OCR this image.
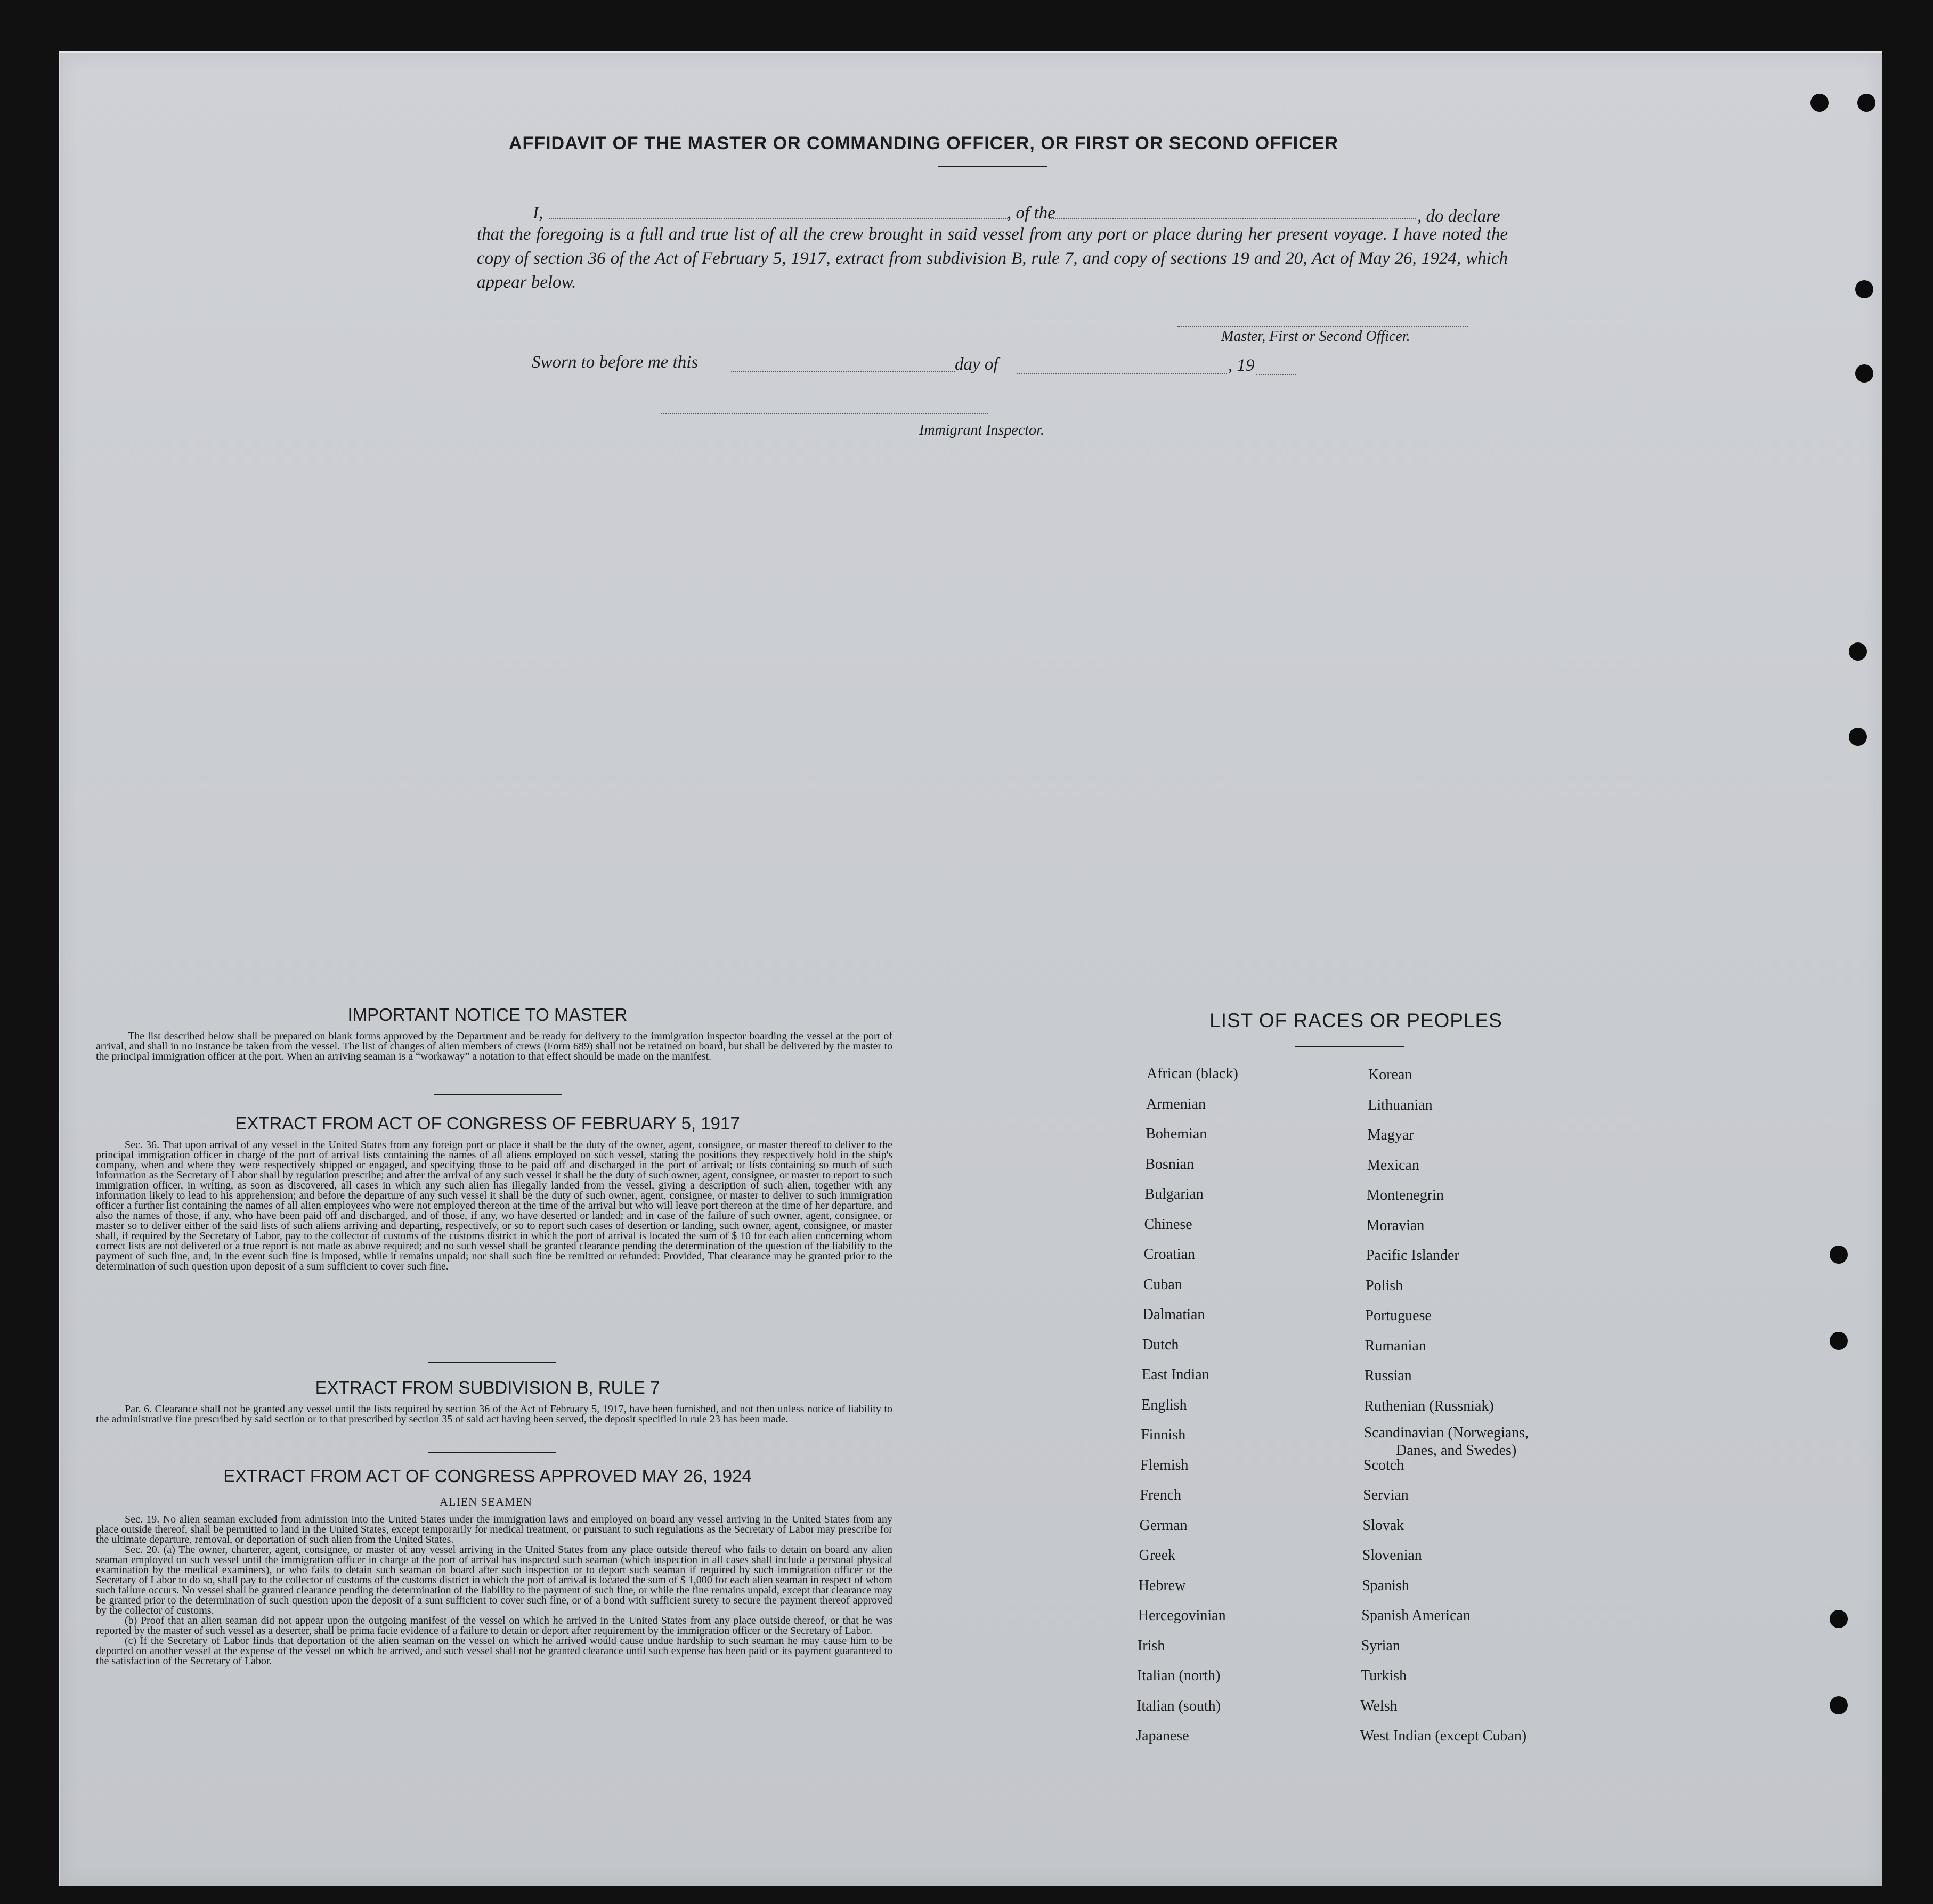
AFFIDAVIT OF THE MASTER OR COMMANDING OFFICER, OR FIRST OR SECOND OFFICER
I,	, of the	, do declare
that the foregoing is a full and true list of all the crew brought in said vessel from any port or place during her present voyage. I have noted the copy of section 36 of the Act of February 5, 1917, extract from subdivision B, rule 7, and copy of sections 19 and 20, Act of May 26, 1924, which appear below.
Master, First or Second Officer.
Sworn to before me this	day of	, 19
Immigrant Inspector.
IMPORTANT NOTICE TO MASTER
The list described below shall be prepared on blank forms approved by the Department and be ready for delivery to the immigration inspector boarding the vessel at the port of arrival, and shall in no instance be taken from the vessel. The list of changes of alien members of crews (Form 689) shall not be retained on board, but shall be delivered by the master to the principal immigration officer at the port. When an arriving seaman is a “workaway” a notation to that effect should be made on the manifest.
EXTRACT FROM ACT OF CONGRESS OF FEBRUARY 5, 1917
Sec. 36. That upon arrival of any vessel in the United States from any foreign port or place it shall be the duty of the owner, agent, consignee, or master thereof to deliver to the principal immigration officer in charge of the port of arrival lists containing the names of all aliens employed on such vessel, stating the positions they respectively hold in the ship's company, when and where they were respectively shipped or engaged, and specifying those to be paid off and discharged in the port of arrival; or lists containing so much of such information as the Secretary of Labor shall by regulation prescribe; and after the arrival of any such vessel it shall be the duty of such owner, agent, consignee, or master to report to such immigration officer, in writing, as soon as discovered, all cases in which any such alien has illegally landed from the vessel, giving a description of such alien, together with any information likely to lead to his apprehension; and before the departure of any such vessel it shall be the duty of such owner, agent, consignee, or master to deliver to such immigration officer a further list containing the names of all alien employees who were not employed thereon at the time of the arrival but who will leave port thereon at the time of her departure, and also the names of those, if any, who have been paid off and discharged, and of those, if any, wo have deserted or landed; and in case of the failure of such owner, agent, consignee, or master so to deliver either of the said lists of such aliens arriving and departing, respectively, or so to report such cases of desertion or landing, such owner, agent, consignee, or master shall, if required by the Secretary of Labor, pay to the collector of customs of the customs district in which the port of arrival is located the sum of $ 10 for each alien concerning whom correct lists are not delivered or a true report is not made as above required; and no such vessel shall be granted clearance pending the determination of the question of the liability to the payment of such fine, and, in the event such fine is imposed, while it remains unpaid; nor shall such fine be remitted or refunded: Provided, That clearance may be granted prior to the determination of such question upon deposit of a sum sufficient to cover such fine.
EXTRACT FROM SUBDIVISION B, RULE 7
Par. 6. Clearance shall not be granted any vessel until the lists required by section 36 of the Act of February 5, 1917, have been furnished, and not then unless notice of liability to the administrative fine prescribed by said section or to that prescribed by section 35 of said act having been served, the deposit specified in rule 23 has been made.
EXTRACT FROM ACT OF CONGRESS APPROVED MAY 26, 1924
ALIEN SEAMEN
Sec. 19. No alien seaman excluded from admission into the United States under the immigration laws and employed on board any vessel arriving in the United States from any place outside thereof, shall be permitted to land in the United States, except temporarily for medical treatment, or pursuant to such regulations as the Secretary of Labor may prescribe for the ultimate departure, removal, or deportation of such alien from the United States.
Sec. 20. (a) The owner, charterer, agent, consignee, or master of any vessel arriving in the United States from any place outside thereof who fails to detain on board any alien seaman employed on such vessel until the immigration officer in charge at the port of arrival has inspected such seaman (which inspection in all cases shall include a personal physical examination by the medical examiners), or who fails to detain such seaman on board after such inspection or to deport such seaman if required by such immigration officer or the Secretary of Labor to do so, shall pay to the collector of customs of the customs district in which the port of arrival is located the sum of $ 1,000 for each alien seaman in respect of whom such failure occurs. No vessel shall be granted clearance pending the determination of the liability to the payment of such fine, or while the fine remains unpaid, except that clearance may be granted prior to the determination of such question upon the deposit of a sum sufficient to cover such fine, or of a bond with sufficient surety to secure the payment thereof approved by the collector of customs.
(b) Proof that an alien seaman did not appear upon the outgoing manifest of the vessel on which he arrived in the United States from any place outside thereof, or that he was reported by the master of such vessel as a deserter, shall be prima facie evidence of a failure to detain or deport after requirement by the immigration officer or the Secretary of Labor.
(c) If the Secretary of Labor finds that deportation of the alien seaman on the vessel on which he arrived would cause undue hardship to such seaman he may cause him to be deported on another vessel at the expense of the vessel on which he arrived, and such vessel shall not be granted clearance until such expense has been paid or its payment guaranteed to the satisfaction of the Secretary of Labor.
LIST OF RACES OR PEOPLES
African (black)
Armenian
Bohemian
Bosnian
Bulgarian
Chinese
Croatian
Cuban
Dalmatian
Dutch
East Indian
English
Finnish
Flemish
French
German
Greek
Hebrew
Hercegovinian
Irish
Italian (north)
Italian (south)
Japanese
Korean
Lithuanian
Magyar
Mexican
Montenegrin
Moravian
Pacific Islander
Polish
Portuguese
Rumanian
Russian
Ruthenian (Russniak)
Scandinavian (Norwegians,
Scotch
Servian
Slovak
Slovenian
Spanish
Spanish American
Syrian
Turkish
Welsh
West Indian (except Cuban)
Danes, and Swedes)
